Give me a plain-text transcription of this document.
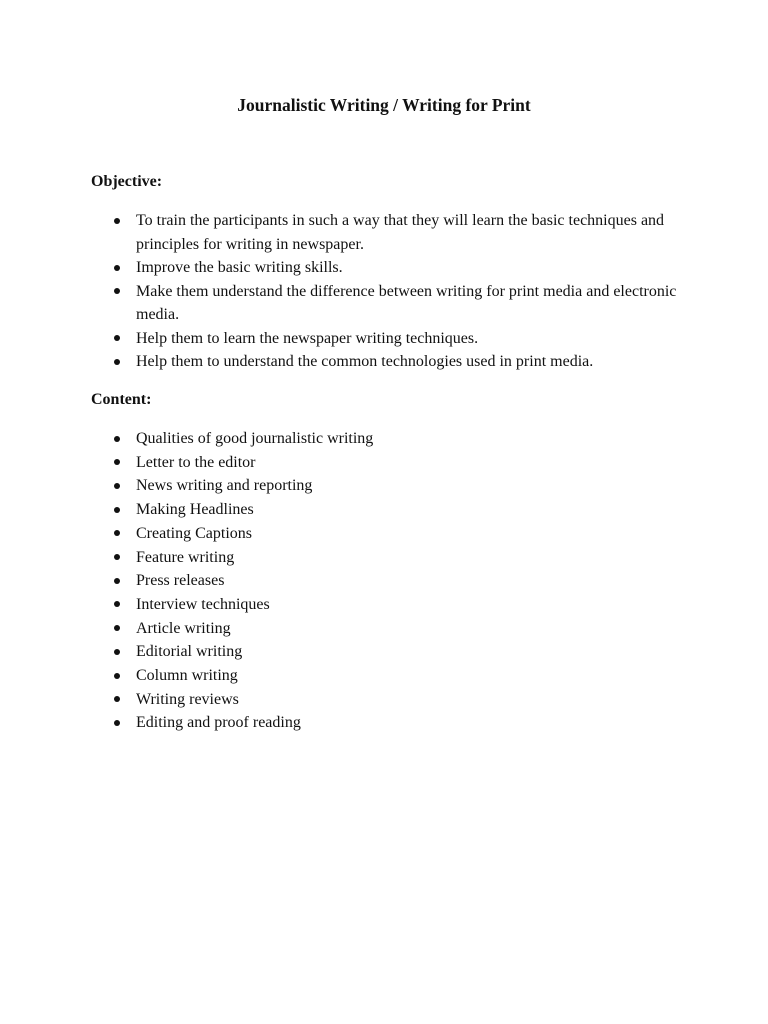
Journalistic Writing / Writing for Print
Objective:
To train the participants in such a way that they will learn the basic techniques and principles for writing in newspaper.
Improve the basic writing skills.
Make them understand the difference between writing for print media and electronic media.
Help them to learn the newspaper writing techniques.
Help them to understand the common technologies used in print media.
Content:
Qualities of good journalistic writing
Letter to the editor
News writing and reporting
Making Headlines
Creating Captions
Feature writing
Press releases
Interview techniques
Article writing
Editorial writing
Column writing
Writing reviews
Editing and proof reading
